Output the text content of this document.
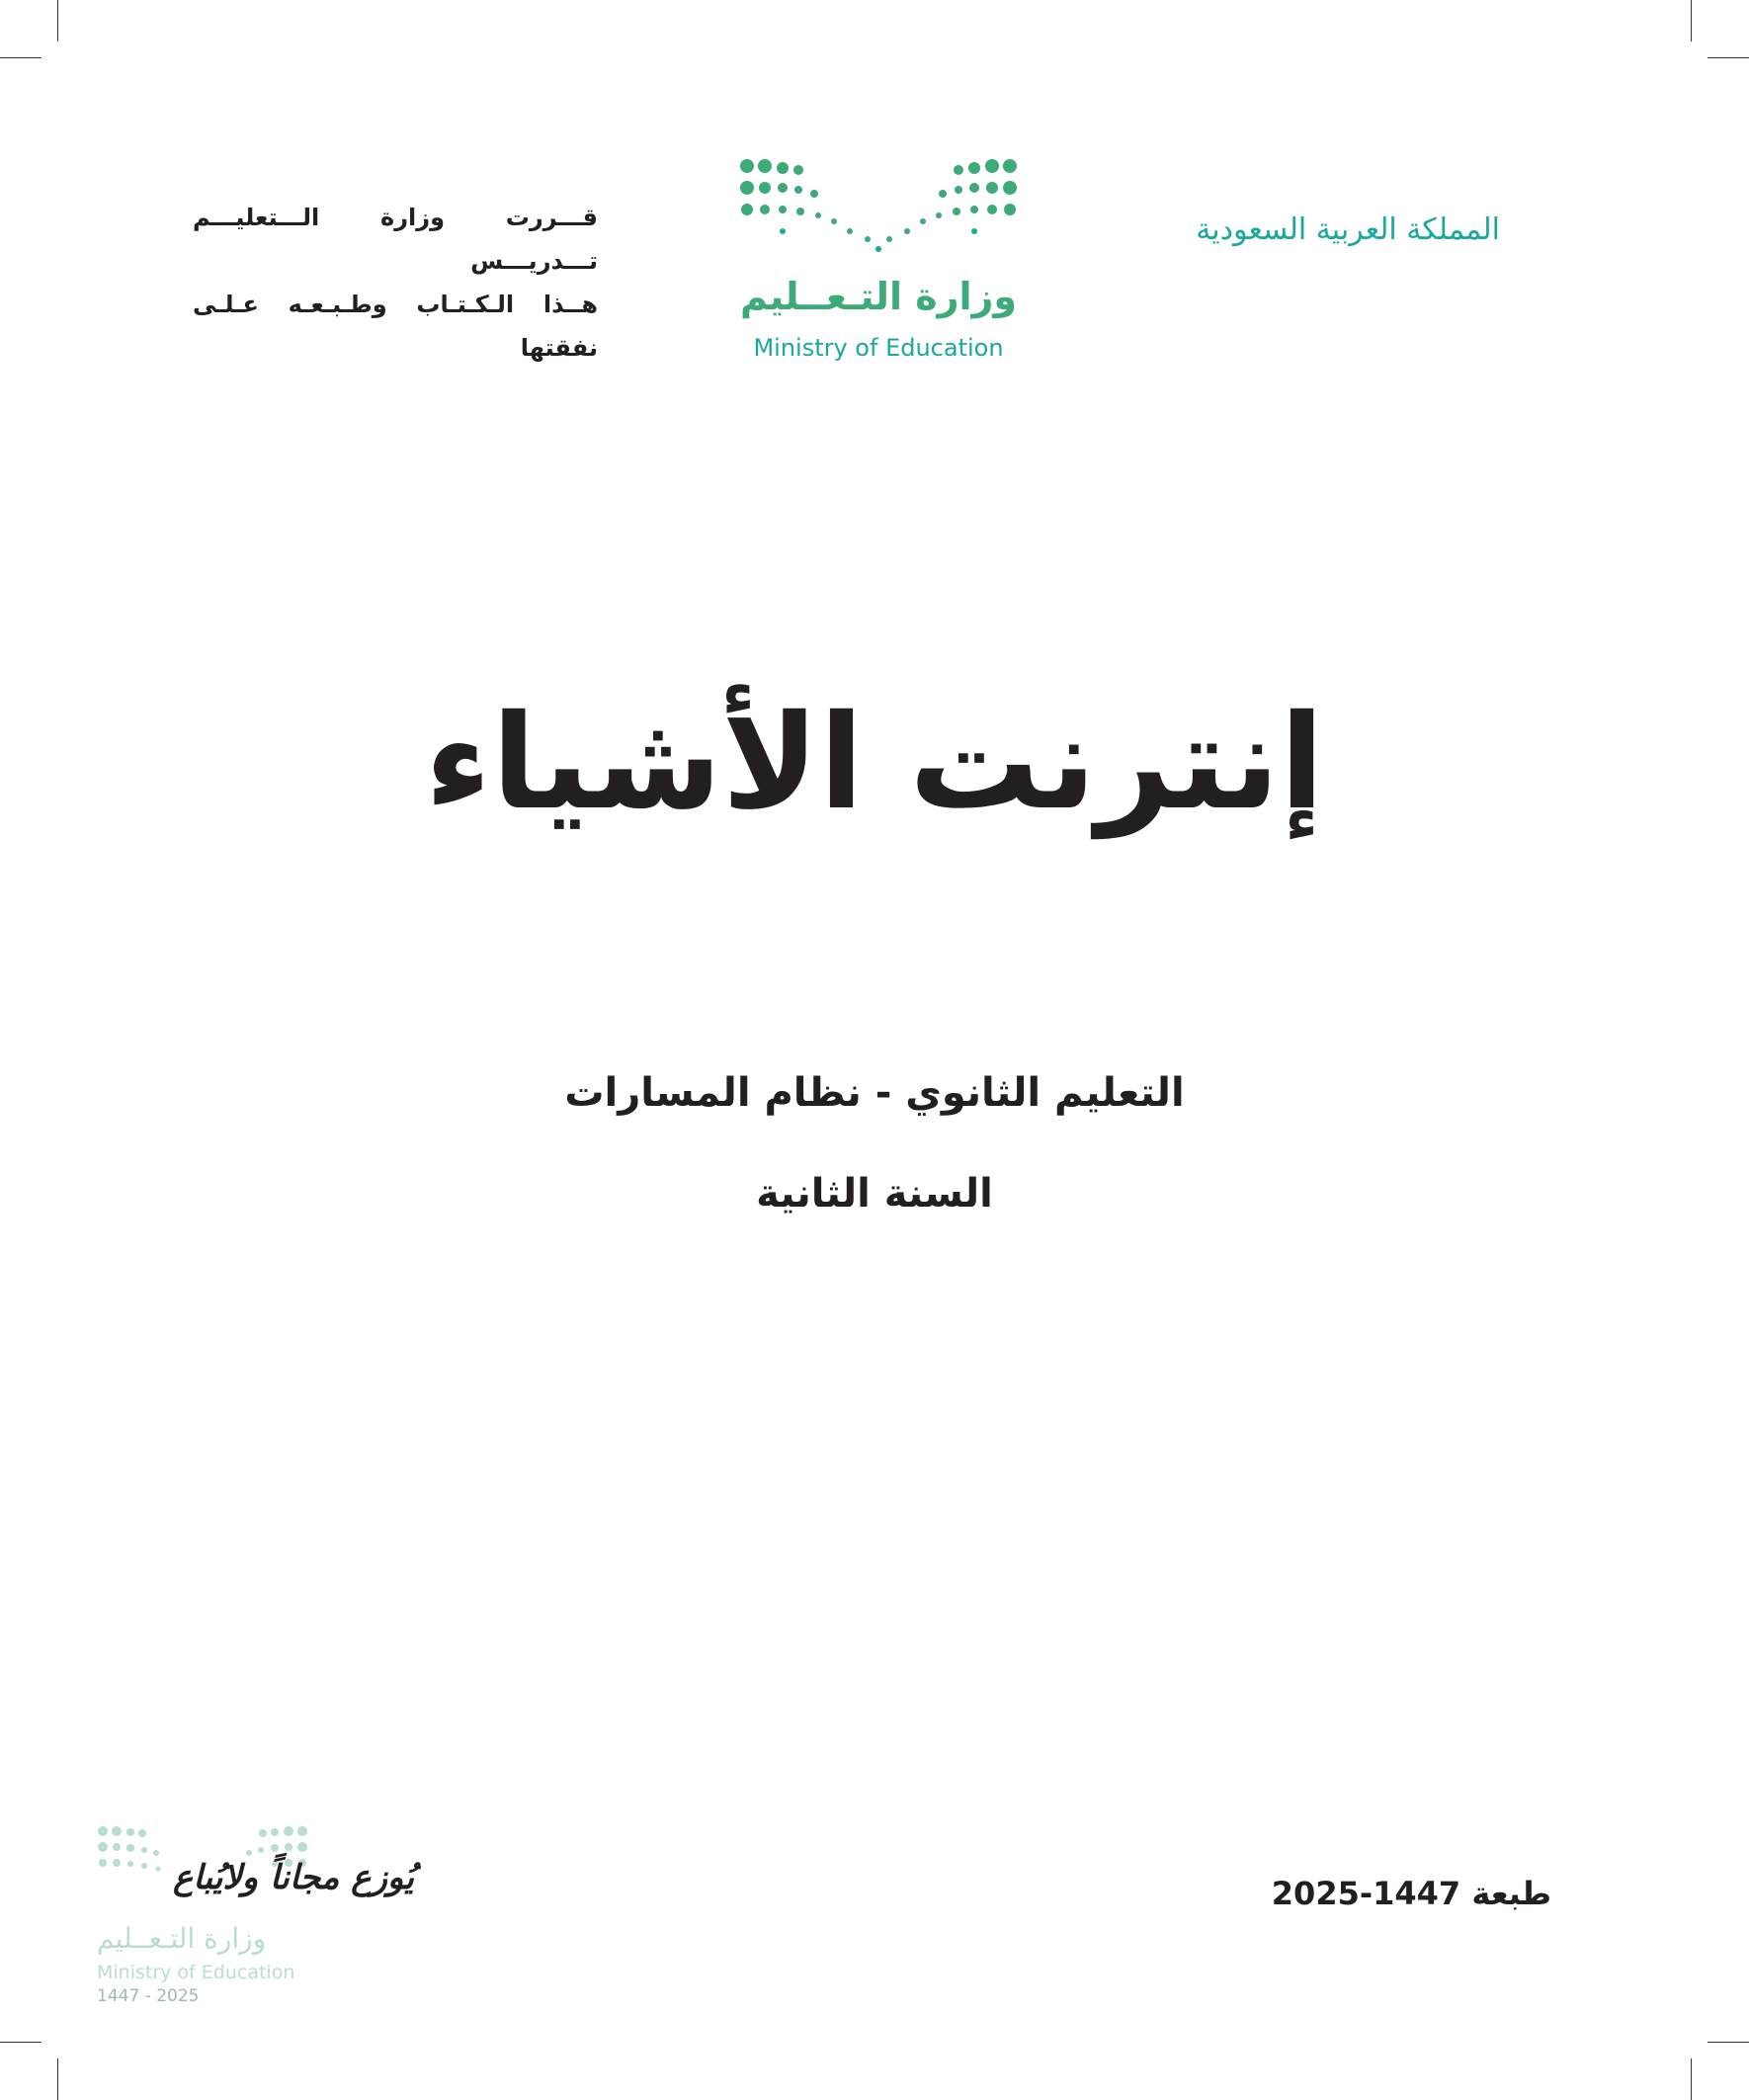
المملكة العربية السعودية
قـــررت وزارة الـــتعليـــم تـــدريـــس
هــذا الـكـتـاب وطـبـعـه عـلـى نفقتها
وزارة التـعــليم
Ministry of Education
إنترنت الأشياء
التعليم الثانوي - نظام المسارات
السنة الثانية
طبعة 1447-2025
يُوزع مجاناً ولايُباع
وزارة التـعــليم
Ministry of Education
1447 - 2025
